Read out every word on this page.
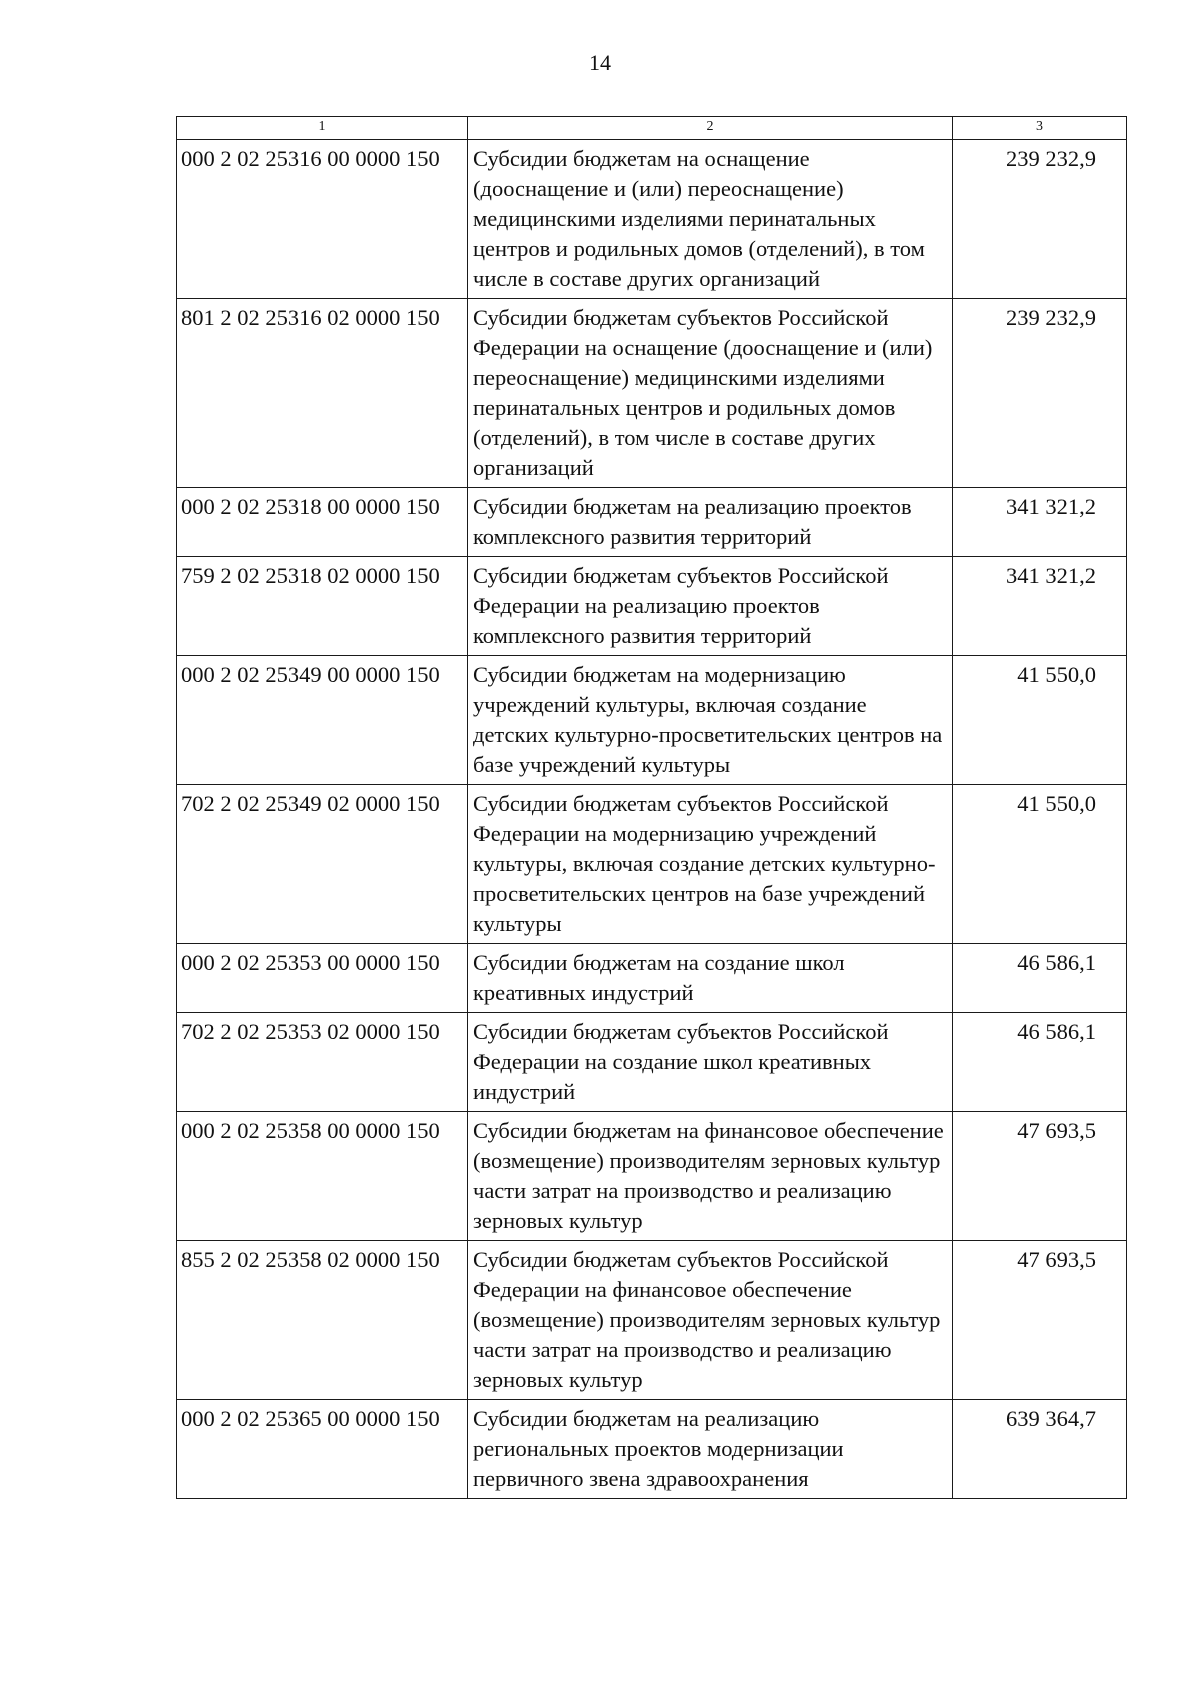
14
1	2	3
000 2 02 25316 00 0000 150	Субсидии бюджетам на оснащение (дооснащение и (или) переоснащение) медицинскими изделиями перинатальных центров и родильных домов (отделений), в том числе в составе других организаций	239 232,9
801 2 02 25316 02 0000 150	Субсидии бюджетам субъектов Российской Федерации на оснащение (дооснащение и (или) переоснащение) медицинскими изделиями перинатальных центров и родильных домов (отделений), в том числе в составе других организаций	239 232,9
000 2 02 25318 00 0000 150	Субсидии бюджетам на реализацию проектов комплексного развития территорий	341 321,2
759 2 02 25318 02 0000 150	Субсидии бюджетам субъектов Российской Федерации на реализацию проектов комплексного развития территорий	341 321,2
000 2 02 25349 00 0000 150	Субсидии бюджетам на модернизацию учреждений культуры, включая создание детских культурно-просветительских центров на базе учреждений культуры	41 550,0
702 2 02 25349 02 0000 150	Субсидии бюджетам субъектов Российской Федерации на модернизацию учреждений культуры, включая создание детских культурно-просветительских центров на базе учреждений культуры	41 550,0
000 2 02 25353 00 0000 150	Субсидии бюджетам на создание школ креативных индустрий	46 586,1
702 2 02 25353 02 0000 150	Субсидии бюджетам субъектов Российской Федерации на создание школ креативных индустрий	46 586,1
000 2 02 25358 00 0000 150	Субсидии бюджетам на финансовое обеспечение (возмещение) производителям зерновых культур части затрат на производство и реализацию зерновых культур	47 693,5
855 2 02 25358 02 0000 150	Субсидии бюджетам субъектов Российской Федерации на финансовое обеспечение (возмещение) производителям зерновых культур части затрат на производство и реализацию зерновых культур	47 693,5
000 2 02 25365 00 0000 150	Субсидии бюджетам на реализацию региональных проектов модернизации первичного звена здравоохранения	639 364,7
